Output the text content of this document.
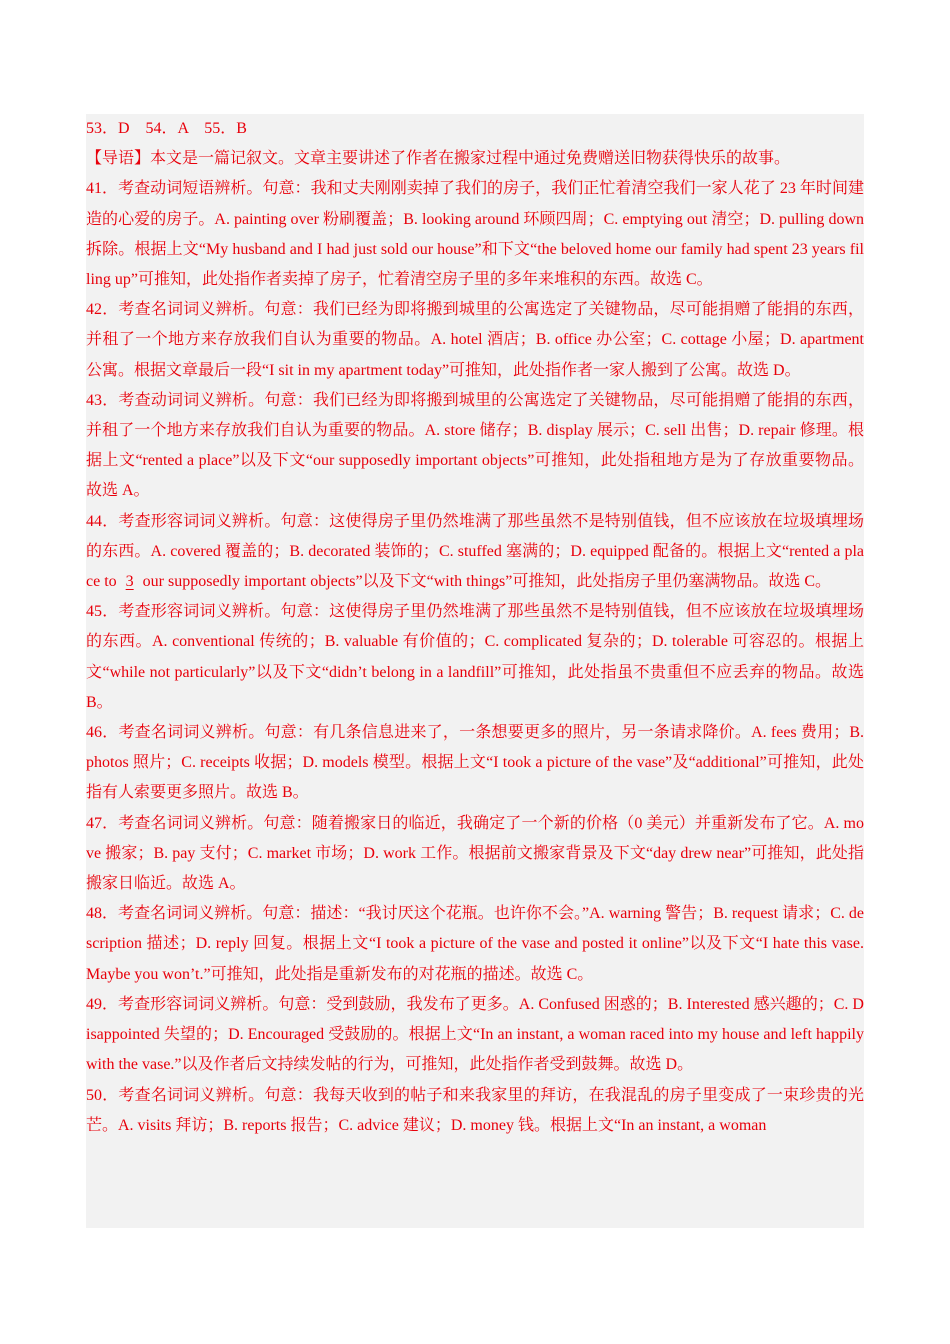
53．D　54．A　55．B

【导语】本文是一篇记叙文。文章主要讲述了作者在搬家过程中通过免费赠送旧物获得快乐的故事。

41．考查动词短语辨析。句意：我和丈夫刚刚卖掉了我们的房子，我们正忙着清空我们一家人花了 23 年时间建造的心爱的房子。A. painting over 粉刷覆盖；B. looking around 环顾四周；C. emptying out 清空；D. pulling down 拆除。根据上文“My husband and I had just sold our house”和下文“the beloved home our family had spent 23 years filling up”可推知，此处指作者卖掉了房子，忙着清空房子里的多年来堆积的东西。故选 C。

42．考查名词词义辨析。句意：我们已经为即将搬到城里的公寓选定了关键物品，尽可能捐赠了能捐的东西，并租了一个地方来存放我们自认为重要的物品。A. hotel 酒店；B. office 办公室；C. cottage 小屋；D. apartment 公寓。根据文章最后一段“I sit in my apartment today”可推知，此处指作者一家人搬到了公寓。故选 D。

43．考查动词词义辨析。句意：我们已经为即将搬到城里的公寓选定了关键物品，尽可能捐赠了能捐的东西，并租了一个地方来存放我们自认为重要的物品。A. store 储存；B. display 展示；C. sell 出售；D. repair 修理。根据上文“rented a place”以及下文“our supposedly important objects”可推知，此处指租地方是为了存放重要物品。故选 A。

44．考查形容词词义辨析。句意：这使得房子里仍然堆满了那些虽然不是特别值钱，但不应该放在垃圾填埋场的东西。A. covered 覆盖的；B. decorated 装饰的；C. stuffed 塞满的；D. equipped 配备的。根据上文“rented a place to 3 our supposedly important objects”以及下文“with things”可推知，此处指房子里仍塞满物品。故选 C。

45．考查形容词词义辨析。句意：这使得房子里仍然堆满了那些虽然不是特别值钱，但不应该放在垃圾填埋场的东西。A. conventional 传统的；B. valuable 有价值的；C. complicated 复杂的；D. tolerable 可容忍的。根据上文“while not particularly”以及下文“didn’t belong in a landfill”可推知，此处指虽不贵重但不应丢弃的物品。故选 B。

46．考查名词词义辨析。句意：有几条信息进来了，一条想要更多的照片，另一条请求降价。A. fees 费用；B. photos 照片；C. receipts 收据；D. models 模型。根据上文“I took a picture of the vase”及“additional”可推知，此处指有人索要更多照片。故选 B。

47．考查名词词义辨析。句意：随着搬家日的临近，我确定了一个新的价格（0 美元）并重新发布了它。A. move 搬家；B. pay 支付；C. market 市场；D. work 工作。根据前文搬家背景及下文“day drew near”可推知，此处指搬家日临近。故选 A。

48．考查名词词义辨析。句意：描述：“我讨厌这个花瓶。也许你不会。”A. warning 警告；B. request 请求；C. description 描述；D. reply 回复。根据上文“I took a picture of the vase and posted it online”以及下文“I hate this vase. Maybe you won’t.”可推知，此处指是重新发布的对花瓶的描述。故选 C。

49．考查形容词词义辨析。句意：受到鼓励，我发布了更多。A. Confused 困惑的；B. Interested 感兴趣的；C. Disappointed 失望的；D. Encouraged 受鼓励的。根据上文“In an instant, a woman raced into my house and left happily with the vase.”以及作者后文持续发帖的行为，可推知，此处指作者受到鼓舞。故选 D。

50．考查名词词义辨析。句意：我每天收到的帖子和来我家里的拜访，在我混乱的房子里变成了一束珍贵的光芒。A. visits 拜访；B. reports 报告；C. advice 建议；D. money 钱。根据上文“In an instant, a woman
